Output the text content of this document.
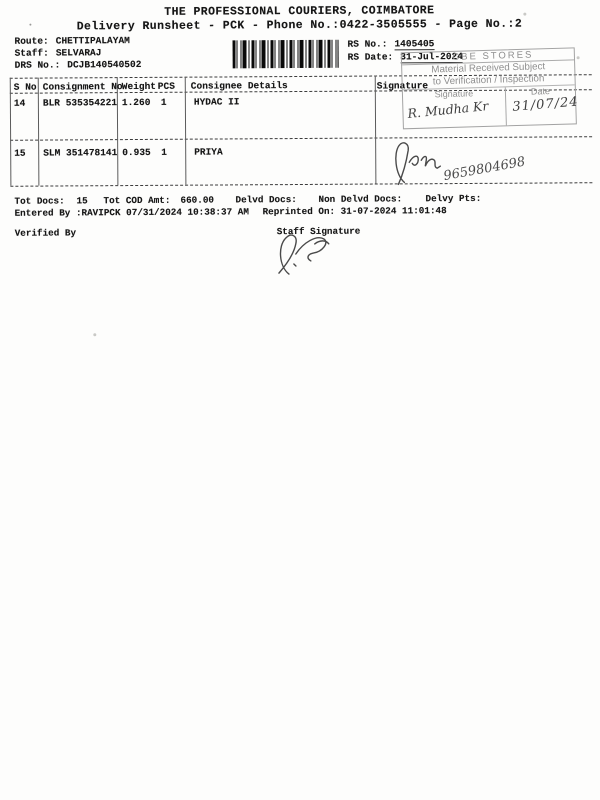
THE PROFESSIONAL COURIERS, COIMBATORE
Delivery Runsheet - PCK - Phone No.:0422-3505555 - Page No.:2
Route: CHETTIPALAYAM
Staff: SELVARAJ
DRS No.: DCJB140540502
RS No.: 1405405
RS Date: 31-Jul-2024
S No Consignment No Weight PCS Consignee Details	Signature
14 BLR 535354221 1.260 1	HYDAC II
15 SLM 351478141 0.935 1	PRIYA
9659804698
CBE STORES
Material Received Subject
to Verification / Inspection
Signature
R. Mudha Kr
Date
31/07/24
Tot Docs: 15 Tot COD Amt: 660.00 Delvd Docs: Non Delvd Docs: Delvy Pts:
Entered By :RAVIPCK 07/31/2024 10:38:37 AM Reprinted On: 31-07-2024 11:01:48
Verified By	Staff Signature
